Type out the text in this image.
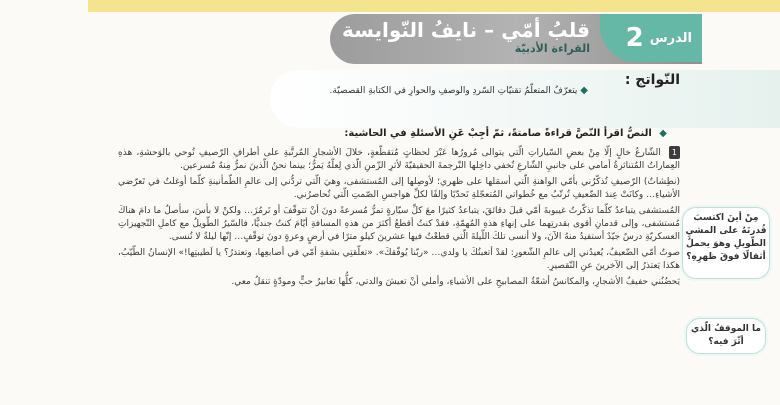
الدرس
2
قلبُ أمّي – نايفُ النّوايسة
القراءة الأدبيّة
النّواتج :
◆ يتعرّفُ المتعلّمُ تقنيّاتِ السّردِ والوصفِ والحوارِ في الكتابةِ القصصيّة.
◆ النصُّ اقرأ النّصَّ قراءةً صامتةً، ثمّ أجِبْ عَنِ الأسئلةِ في الحاشية:

1 الشّارعُ خالٍ إلّا مِنْ بعضِ السّياراتِ الّتي يتوالى مُرورُها عَبْرَ لحظاتٍ مُتقطّعةٍ، خلالَ الأشجارِ المُرتَّبةِ على أطرافِ الرّصيفِ تُوحي بالوَحشةِ، هذهِ العِماراتُ المُتناثرةُ أمامي على جانبيِ الشّارعِ تُخفي داخِلها التّرجمةَ الحقيقيّةَ لأثرِ الزّمنِ الّذي لِعلّهُ يَمرُّ؛ بينما نحنُ الّذينَ نمرُّ مِنهُ مُسرعين.

(نطِشاتٌ) الرّصيفِ تُذكّرُني بأمّي الواهنةِ الّتي أسمَلها على ظهري؛ لأوصِلها إلى المُستشفى، وهيَ الّتي تردُّني إلى عالمِ الطّمأنينةِ كلّما أوغلتُ في تَعرّضي الأشياءِ… وكانَتْ عِندَ الضّعيفِ تُرتّبُ مع خُطواتي المُتعجّلةِ تَحدّيًا وإلفًا لكلِّ هواجسِ الصّمتِ الّتي تُحاصرُني.

المُستشفى يتباعدُ كلّما تذكّرتُ غيبوبةَ أمّي قبلَ دقائقَ، يتباعدُ كثيرًا معَ كلِّ سيّارةٍ تمرُّ مُسرعةً دونَ أنْ تتوقّفَ أو تَرمُزَ… ولكنْ لا بأسَ، سأصلُ ما دامَ هناكَ مُستشفى، وإلى قدمانِ أقوى بقدرتِهما على إنهاءِ هذهِ المُهمّةِ، فقدْ كنتُ أقطعُ أكثرَ من هذهِ المسافةِ أيّامَ كنتُ جنديًّا، فالسّيرُ الطّويلُ مع كاملِ التّجهيزاتِ العسكريّةِ درسٌ جيّدٌ أستفيدُ منهُ الآنَ، ولا أنسى تلكَ اللّيلةَ الّتي قطعْتُ فيها عشرينَ كيلو مترًا في أرضٍ وعرةٍ دونَ توقّفٍ… إنّها ليلةٌ لا تُنسى.

صوتُ أمّي الضّعيفُ، يُعيدُني إلى عالمِ الشّعورِ: لقدْ أتعبتُكَ يا ولدي… «ربّنا يُوفّقكَ». «تعلّقتِي بشفةِ أمّي في أصابعِها، وتعتذرُ؟ يا لَطيبتِها!» الإنسانُ الطّيّبُ، هكذا يَعتذرُ إلى الآخرينَ عنِ التّقصيرِ.

يَحضُنُني حفيفُ الأشجارِ، والمكانسُ أشعّةُ المصابيحِ على الأشياءِ، وأملي أنْ تعيشَ والدتي، كلُّها تعابيرُ حبٍّ ومودّةٍ تنقلُ معي.

مِنْ أينَ اكتسبَ قُدرتَهُ على المشيِ الطّويلِ وهوَ يحملُ أثقالًا فوقَ ظهرِهِ؟
ما الموقفُ الّذي أثّرَ فيه؟
